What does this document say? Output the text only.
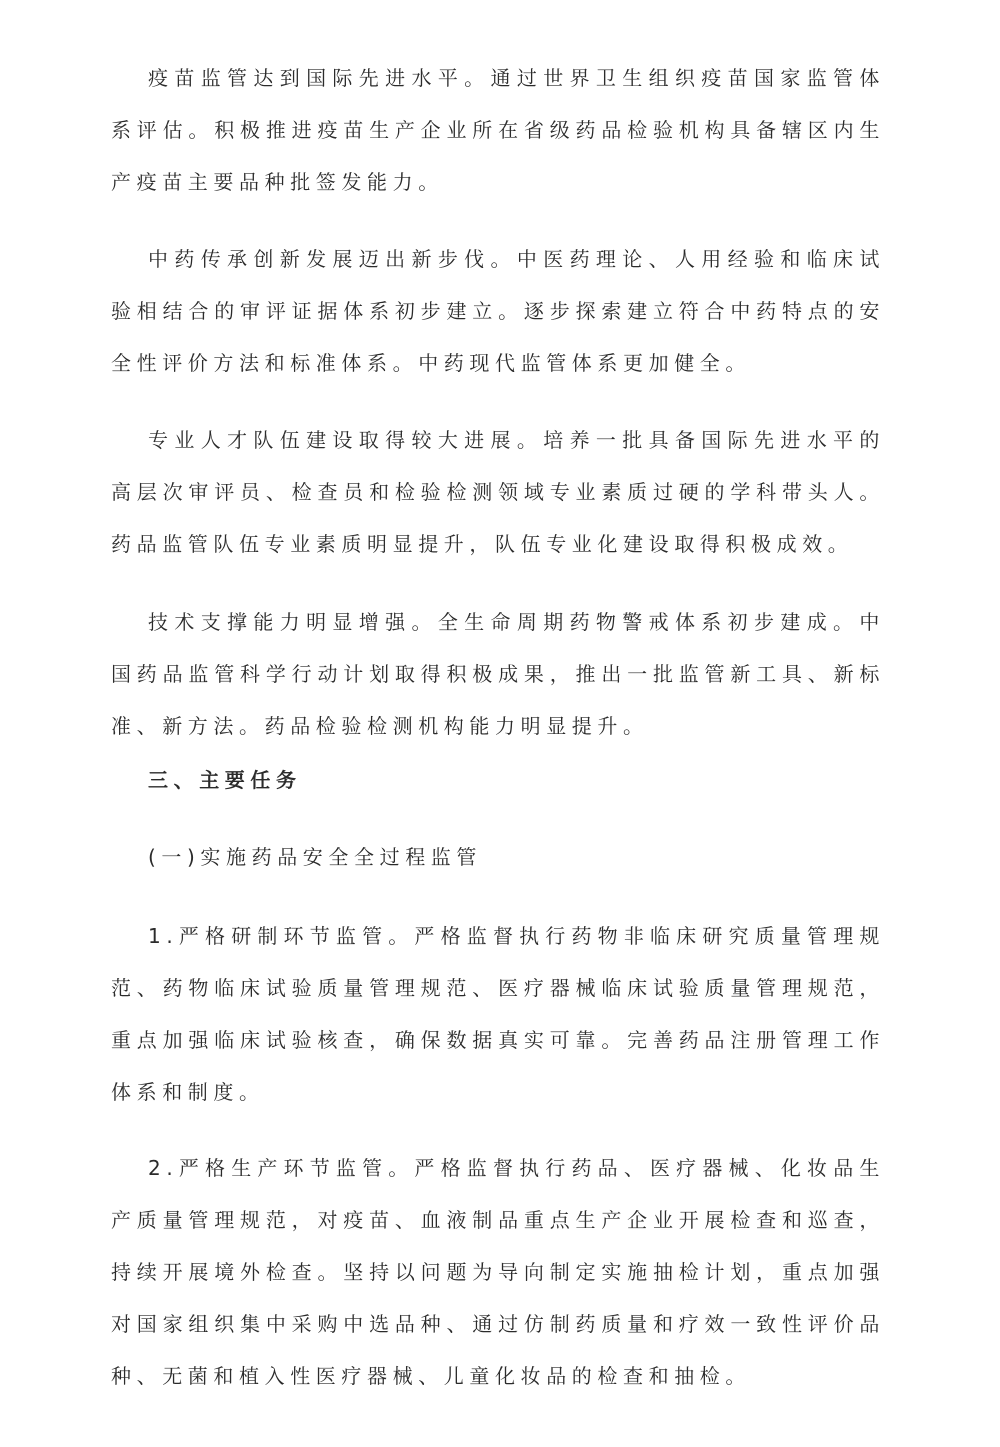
疫苗监管达到国际先进水平。通过世界卫生组织疫苗国家监管体系评估。积极推进疫苗生产企业所在省级药品检验机构具备辖区内生产疫苗主要品种批签发能力。

中药传承创新发展迈出新步伐。中医药理论、人用经验和临床试验相结合的审评证据体系初步建立。逐步探索建立符合中药特点的安全性评价方法和标准体系。中药现代监管体系更加健全。

专业人才队伍建设取得较大进展。培养一批具备国际先进水平的高层次审评员、检查员和检验检测领域专业素质过硬的学科带头人。药品监管队伍专业素质明显提升，队伍专业化建设取得积极成效。

技术支撑能力明显增强。全生命周期药物警戒体系初步建成。中国药品监管科学行动计划取得积极成果，推出一批监管新工具、新标准、新方法。药品检验检测机构能力明显提升。

三、主要任务

(一)实施药品安全全过程监管

1.严格研制环节监管。严格监督执行药物非临床研究质量管理规范、药物临床试验质量管理规范、医疗器械临床试验质量管理规范，重点加强临床试验核查，确保数据真实可靠。完善药品注册管理工作体系和制度。

2.严格生产环节监管。严格监督执行药品、医疗器械、化妆品生产质量管理规范，对疫苗、血液制品重点生产企业开展检查和巡查，持续开展境外检查。坚持以问题为导向制定实施抽检计划，重点加强对国家组织集中采购中选品种、通过仿制药质量和疗效一致性评价品种、无菌和植入性医疗器械、儿童化妆品的检查和抽检。
